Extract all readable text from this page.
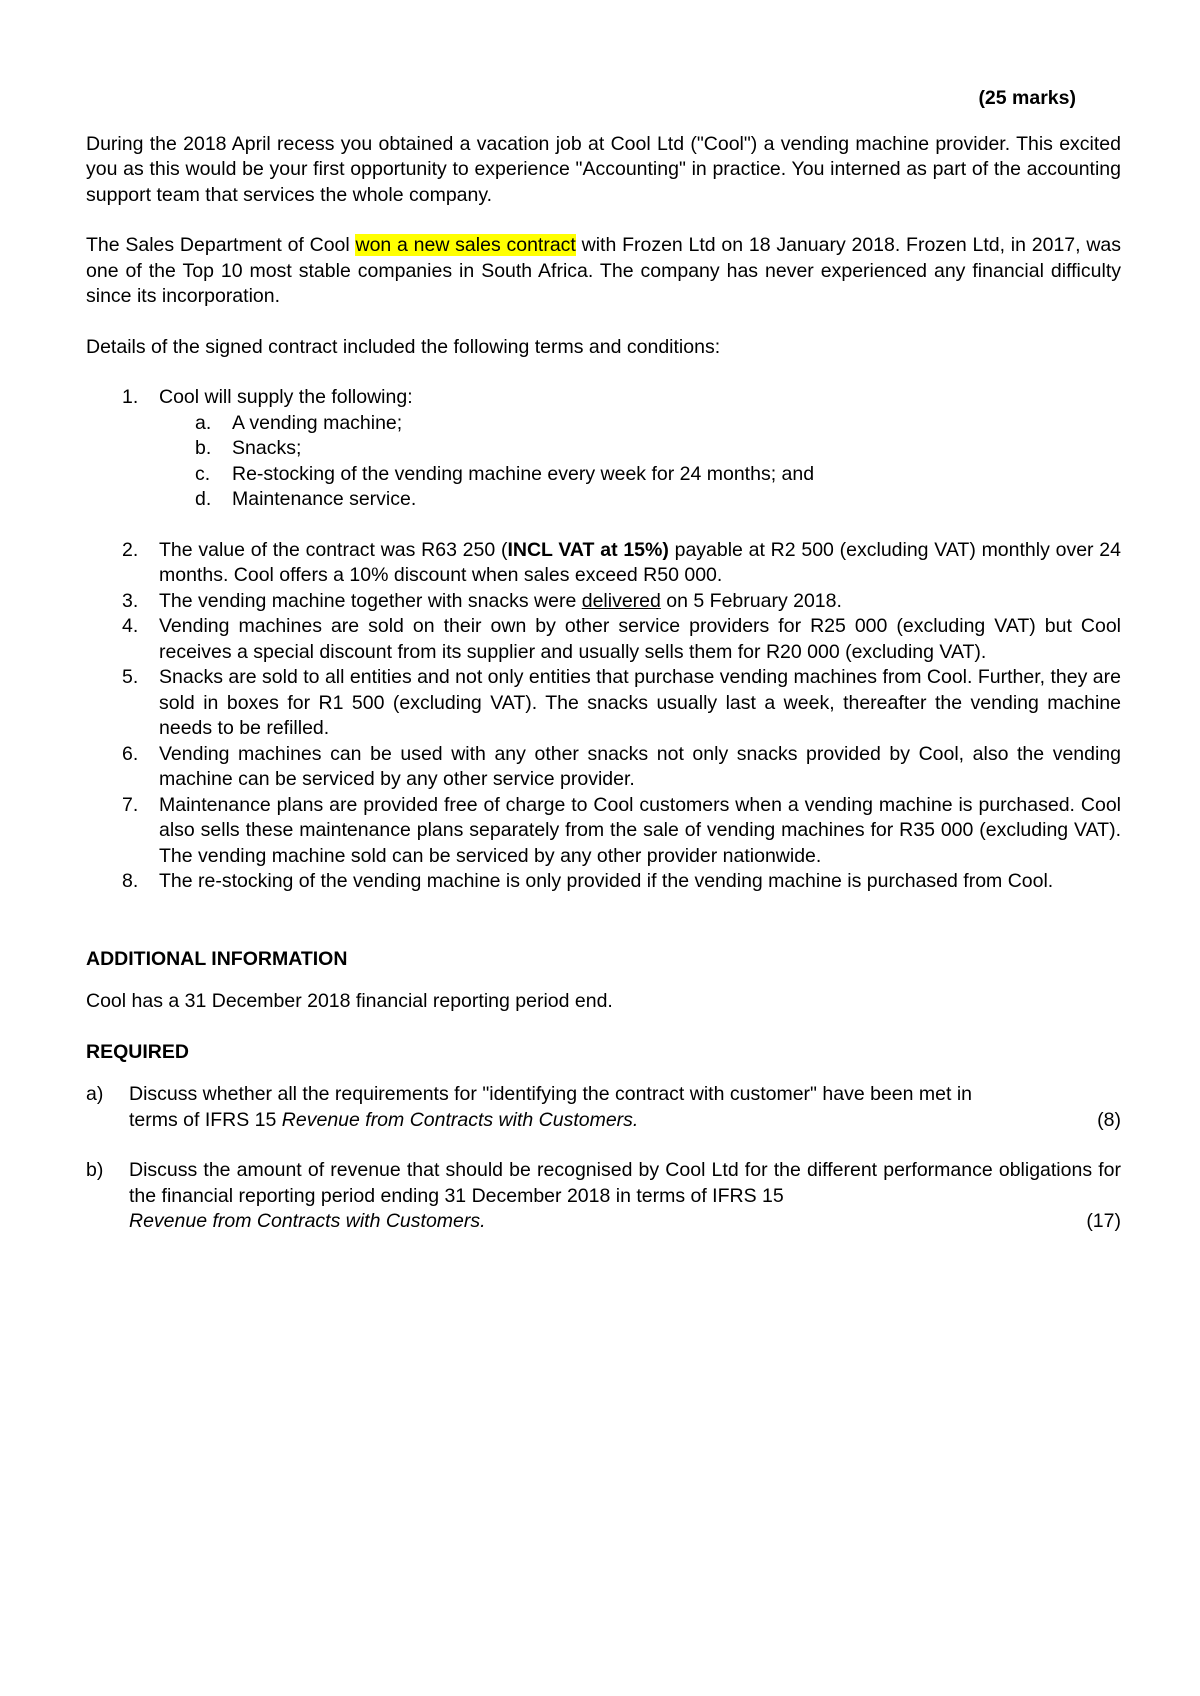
(25 marks)

During the 2018 April recess you obtained a vacation job at Cool Ltd ("Cool") a vending machine provider. This excited you as this would be your first opportunity to experience "Accounting" in practice. You interned as part of the accounting support team that services the whole company.

The Sales Department of Cool won a new sales contract with Frozen Ltd on 18 January 2018. Frozen Ltd, in 2017, was one of the Top 10 most stable companies in South Africa. The company has never experienced any financial difficulty since its incorporation.

Details of the signed contract included the following terms and conditions:

1. Cool will supply the following:
a. A vending machine;
b. Snacks;
c. Re-stocking of the vending machine every week for 24 months; and
d. Maintenance service.
2. The value of the contract was R63 250 (INCL VAT at 15%) payable at R2 500 (excluding VAT) monthly over 24 months. Cool offers a 10% discount when sales exceed R50 000.
3. The vending machine together with snacks were delivered on 5 February 2018.
4. Vending machines are sold on their own by other service providers for R25 000 (excluding VAT) but Cool receives a special discount from its supplier and usually sells them for R20 000 (excluding VAT).
5. Snacks are sold to all entities and not only entities that purchase vending machines from Cool. Further, they are sold in boxes for R1 500 (excluding VAT). The snacks usually last a week, thereafter the vending machine needs to be refilled.
6. Vending machines can be used with any other snacks not only snacks provided by Cool, also the vending machine can be serviced by any other service provider.
7. Maintenance plans are provided free of charge to Cool customers when a vending machine is purchased. Cool also sells these maintenance plans separately from the sale of vending machines for R35 000 (excluding VAT). The vending machine sold can be serviced by any other provider nationwide.
8. The re-stocking of the vending machine is only provided if the vending machine is purchased from Cool.

ADDITIONAL INFORMATION

Cool has a 31 December 2018 financial reporting period end.

REQUIRED

a) Discuss whether all the requirements for "identifying the contract with customer" have been met in
terms of IFRS 15 Revenue from Contracts with Customers.	(8)
b) Discuss the amount of revenue that should be recognised by Cool Ltd for the different performance obligations for the financial reporting period ending 31 December 2018 in terms of IFRS 15
Revenue from Contracts with Customers.	(17)
